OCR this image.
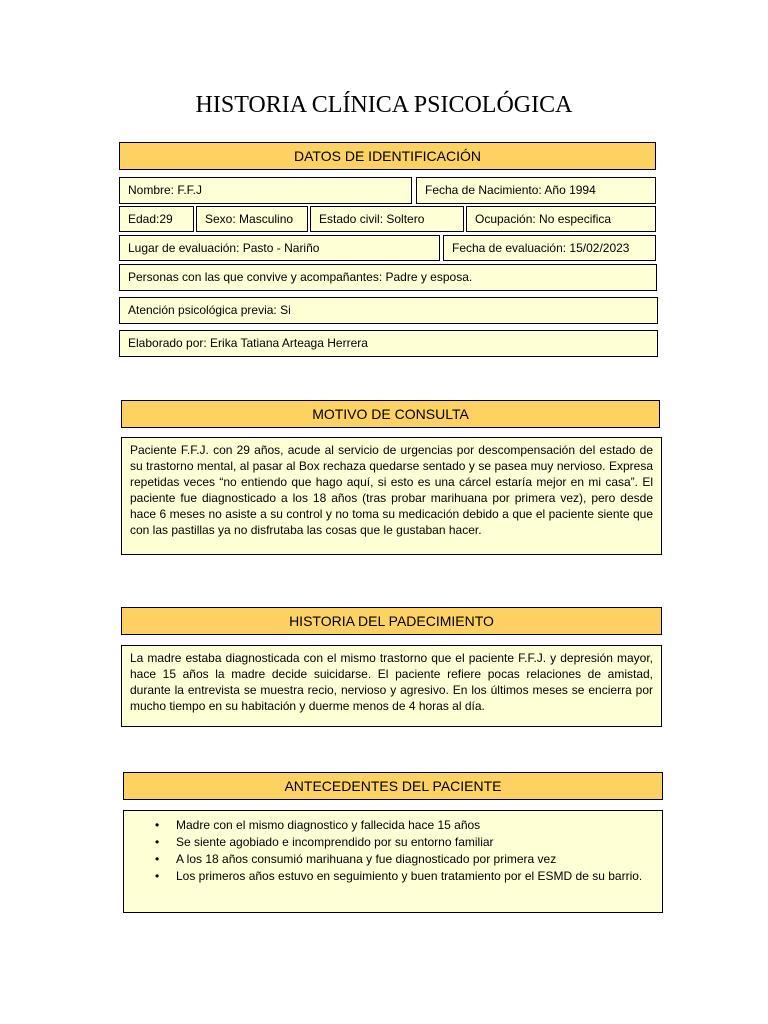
HISTORIA CLÍNICA PSICOLÓGICA
DATOS DE IDENTIFICACIÓN
Nombre: F.F.J	Fecha de Nacimiento: Año 1994
Edad:29	Sexo: Masculino	Estado civil: Soltero	Ocupación: No especifica
Lugar de evaluación: Pasto - Nariño	Fecha de evaluación: 15/02/2023
Personas con las que convive y acompañantes: Padre y esposa.
Atención psicológica previa: Si
Elaborado por: Erika Tatiana Arteaga Herrera
MOTIVO DE CONSULTA
Paciente F.F.J. con 29 años, acude al servicio de urgencias por descompensación del estado de su trastorno mental, al pasar al Box rechaza quedarse sentado y se pasea muy nervioso. Expresa repetidas veces “no entiendo que hago aquí, si esto es una cárcel estaría mejor en mi casa”. El paciente fue diagnosticado a los 18 años (tras probar marihuana por primera vez), pero desde hace 6 meses no asiste a su control y no toma su medicación debido a que el paciente siente que con las pastillas ya no disfrutaba las cosas que le gustaban hacer.
HISTORIA DEL PADECIMIENTO
La madre estaba diagnosticada con el mismo trastorno que el paciente F.F.J. y depresión mayor, hace 15 años la madre decide suicidarse. El paciente refiere pocas relaciones de amistad, durante la entrevista se muestra recio, nervioso y agresivo. En los últimos meses se encierra por mucho tiempo en su habitación y duerme menos de 4 horas al día.
ANTECEDENTES DEL PACIENTE
• Madre con el mismo diagnostico y fallecida hace 15 años
• Se siente agobiado e incomprendido por su entorno familiar
• A los 18 años consumió marihuana y fue diagnosticado por primera vez
• Los primeros años estuvo en seguimiento y buen tratamiento por el ESMD de su barrio.
